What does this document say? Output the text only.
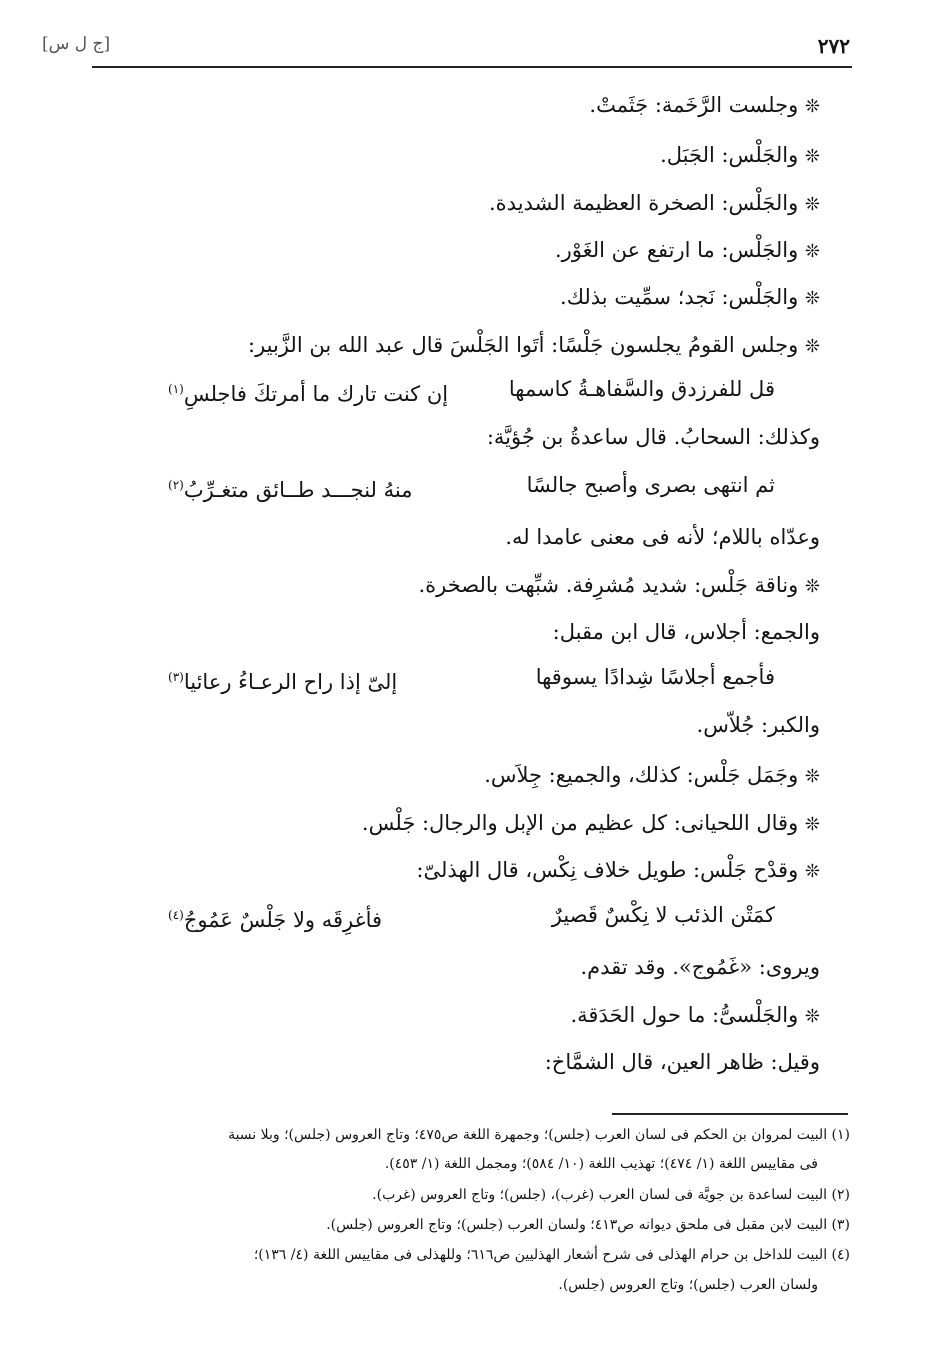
[ج ل س]	٢٧٢
❊ وجلست الرَّخَمة: جَثَمتْ.
❊ والجَلْس: الجَبَل.
❊ والجَلْس: الصخرة العظيمة الشديدة.
❊ والجَلْس: ما ارتفع عن الغَوْر.
❊ والجَلْس: نَجد؛ سمِّيت بذلك.
❊ وجلس القومُ يجلسون جَلْسًا: أتَوا الجَلْسَ قال عبد الله بن الزَّبير:
قل للفرزدق والسَّفاهـةُ كاسمها
إن كنت تارك ما أمرتكَ فاجلسِ$^{(١)}$
وكذلك: السحابُ. قال ساعدةُ بن جُؤيَّة:
ثم انتهى بصرى وأصبح جالسًا
منهُ لنجـــد طــائق متغـرِّبُ$^{(٢)}$
وعدّاه باللام؛ لأنه فى معنى عامدا له.
❊ وناقة جَلْس: شديد مُشرِفة. شبِّهت بالصخرة.
والجمع: أجلاس، قال ابن مقبل:
فأجمع أجلاسًا شِدادًا يسوقها
إلىّ إذا راح الرعـاءُ رعائيا$^{(٣)}$
والكبر: جُلاّس.
❊ وجَمَل جَلْس: كذلك، والجميع: جِلاَس.
❊ وقال اللحيانى: كل عظيم من الإبل والرجال: جَلْس.
❊ وقدْح جَلْس: طويل خلاف نِكْس، قال الهذلىّ:
كمَتْن الذئب لا نِكْسٌ قَصيرٌ
فأغرِقَه ولا جَلْسٌ عَمُوجُ$^{(٤)}$
ويروى: «غَمُوج». وقد تقدم.
❊ والجَلْسىُّ: ما حول الحَدَقة.
وقيل: ظاهر العين، قال الشمَّاخ:
(١) البيت لمروان بن الحكم فى لسان العرب (جلس)؛ وجمهرة اللغة ص٤٧٥؛ وتاج العروس (جلس)؛ وبلا نسبة
فى مقاييس اللغة (١/ ٤٧٤)؛ تهذيب اللغة (١٠/ ٥٨٤)؛ ومجمل اللغة (١/ ٤٥٣).
(٢) البيت لساعدة بن جويَّة فى لسان العرب (غرب)، (جلس)؛ وتاج العروس (غرب).
(٣) البيت لابن مقبل فى ملحق ديوانه ص٤١٣؛ ولسان العرب (جلس)؛ وتاج العروس (جلس).
(٤) البيت للداخل بن حرام الهذلى فى شرح أشعار الهذليين ص٦١٦؛ وللهذلى فى مقاييس اللغة (٤/ ١٣٦)؛
ولسان العرب (جلس)؛ وتاج العروس (جلس).
